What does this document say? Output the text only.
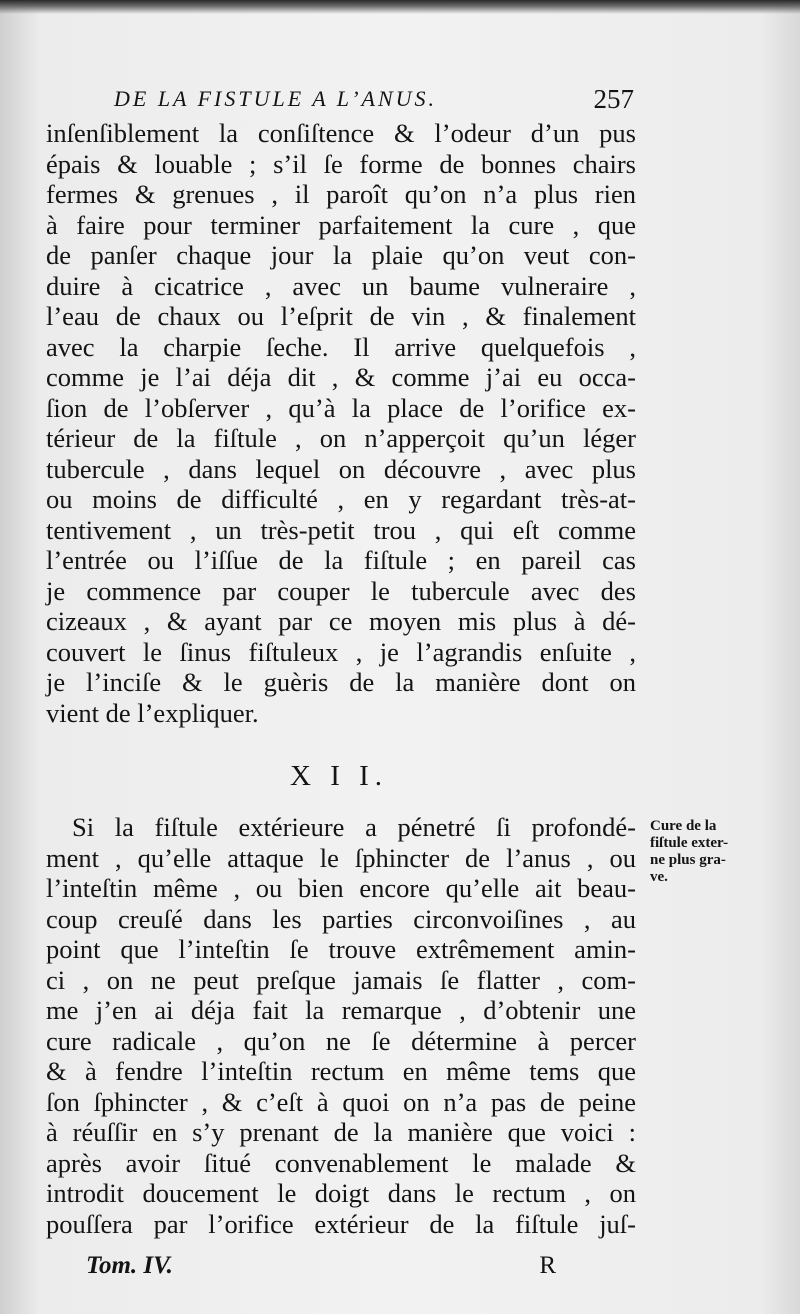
DE LA FISTULE A L’ANUS.	257
inſenſiblement la conſiſtence & l’odeur d’un pus
épais & louable ; s’il ſe forme de bonnes chairs
fermes & grenues , il paroît qu’on n’a plus rien
à faire pour terminer parfaitement la cure , que
de panſer chaque jour la plaie qu’on veut con-
duire à cicatrice , avec un baume vulneraire ,
l’eau de chaux ou l’eſprit de vin , & finalement
avec la charpie ſeche. Il arrive quelquefois ,
comme je l’ai déja dit , & comme j’ai eu occa-
ſion de l’obſerver , qu’à la place de l’orifice ex-
térieur de la fiſtule , on n’apperçoit qu’un léger
tubercule , dans lequel on découvre , avec plus
ou moins de difficulté , en y regardant très-at-
tentivement , un très-petit trou , qui eſt comme
l’entrée ou l’iſſue de la fiſtule ; en pareil cas
je commence par couper le tubercule avec des
cizeaux , & ayant par ce moyen mis plus à dé-
couvert le ſinus fiſtuleux , je l’agrandis enſuite ,
je l’inciſe & le guèris de la manière dont on
vient de l’expliquer.
X I I.
Si la fiſtule extérieure a pénetré ſi profondé-
ment , qu’elle attaque le ſphincter de l’anus , ou
l’inteſtin même , ou bien encore qu’elle ait beau-
coup creuſé dans les parties circonvoiſines , au
point que l’inteſtin ſe trouve extrêmement amin-
ci , on ne peut preſque jamais ſe flatter , com-
me j’en ai déja fait la remarque , d’obtenir une
cure radicale , qu’on ne ſe détermine à percer
& à fendre l’inteſtin rectum en même tems que
ſon ſphincter , & c’eſt à quoi on n’a pas de peine
à réuſſir en s’y prenant de la manière que voici :
après avoir ſitué convenablement le malade &
introdit doucement le doigt dans le rectum , on
pouſſera par l’orifice extérieur de la fiſtule juſ-
Cure de la
fiſtule exter-
ne plus gra-
ve.
Tom. IV.	R
